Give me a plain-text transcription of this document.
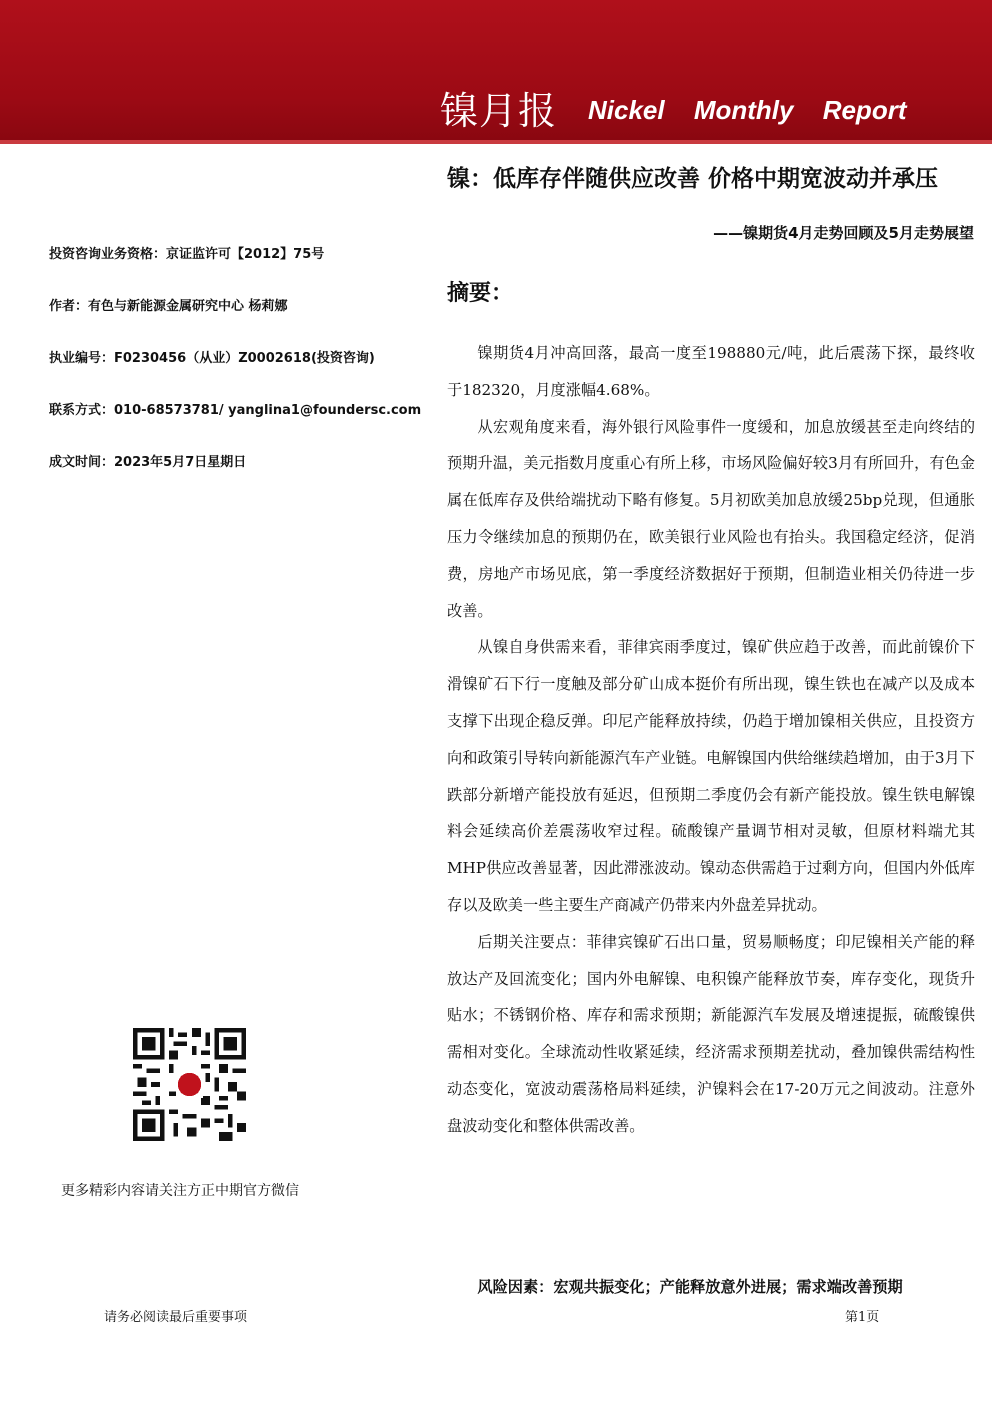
镍月报 Nickel Monthly Report
镍：低库存伴随供应改善 价格中期宽波动并承压
——镍期货4月走势回顾及5月走势展望
投资咨询业务资格：京证监许可【2012】75号
作者：有色与新能源金属研究中心 杨莉娜
执业编号：F0230456（从业）Z0002618(投资咨询)
联系方式：010-68573781/ yanglina1@foundersc.com
成文时间：2023年5月7日星期日
更多精彩内容请关注方正中期官方微信
摘要：

镍期货4月冲高回落，最高一度至198880元/吨，此后震荡下探，最终收于182320，月度涨幅4.68%。

从宏观角度来看，海外银行风险事件一度缓和，加息放缓甚至走向终结的预期升温，美元指数月度重心有所上移，市场风险偏好较3月有所回升，有色金属在低库存及供给端扰动下略有修复。5月初欧美加息放缓25bp兑现，但通胀压力令继续加息的预期仍在，欧美银行业风险也有抬头。我国稳定经济，促消费，房地产市场见底，第一季度经济数据好于预期，但制造业相关仍待进一步改善。

从镍自身供需来看，菲律宾雨季度过，镍矿供应趋于改善，而此前镍价下滑镍矿石下行一度触及部分矿山成本挺价有所出现，镍生铁也在减产以及成本支撑下出现企稳反弹。印尼产能释放持续，仍趋于增加镍相关供应，且投资方向和政策引导转向新能源汽车产业链。电解镍国内供给继续趋增加，由于3月下跌部分新增产能投放有延迟，但预期二季度仍会有新产能投放。镍生铁电解镍料会延续高价差震荡收窄过程。硫酸镍产量调节相对灵敏，但原材料端尤其MHP供应改善显著，因此滞涨波动。镍动态供需趋于过剩方向，但国内外低库存以及欧美一些主要生产商减产仍带来内外盘差异扰动。

后期关注要点：菲律宾镍矿石出口量，贸易顺畅度；印尼镍相关产能的释放达产及回流变化；国内外电解镍、电积镍产能释放节奏，库存变化，现货升贴水；不锈钢价格、库存和需求预期；新能源汽车发展及增速提振，硫酸镍供需相对变化。全球流动性收紧延续，经济需求预期差扰动，叠加镍供需结构性动态变化，宽波动震荡格局料延续，沪镍料会在17-20万元之间波动。注意外盘波动变化和整体供需改善。

风险因素：宏观共振变化；产能释放意外进展；需求端改善预期
请务必阅读最后重要事项	第1页
